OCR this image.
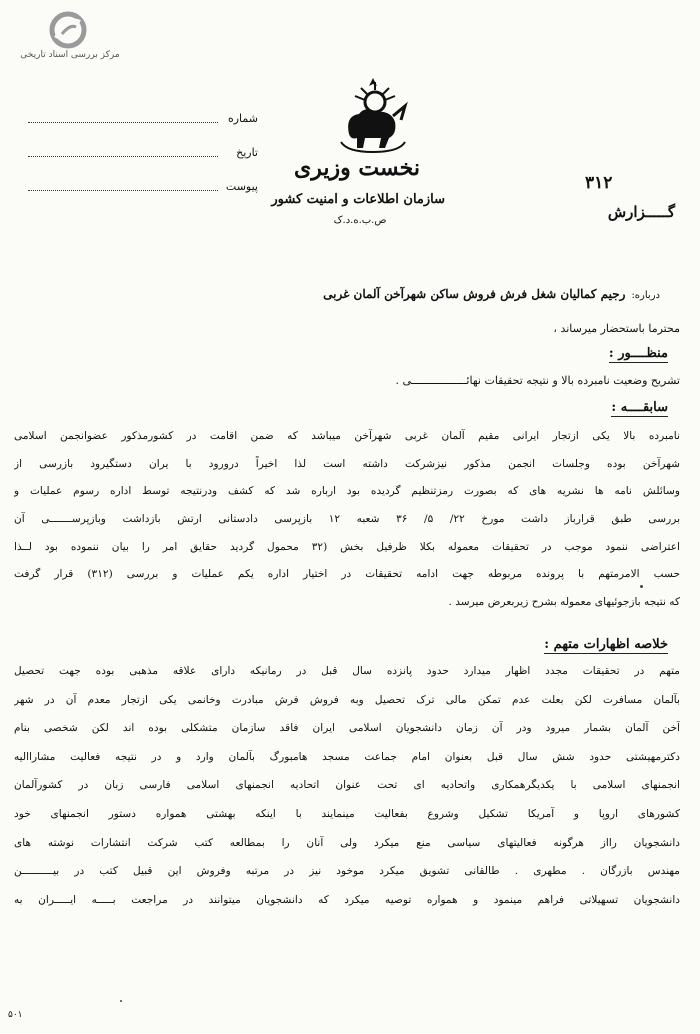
مرکز بررسی اسناد تاریخی
نخست وزیری
سازمان اطلاعات و امنیت کشور
ص.ب.ه.د.ک
شماره
تاریخ
پیوست	۳۱۲
گـــــزارش
درباره:رجیم کمالیان شغل فرش فروش ساکن شهرآخن آلمان غربی
محترما باستحضار میرساند ،
منظــــور :
تشریح وضعیت نامبرده بالا و نتیجه تحقیقات نهائـــــــــــــــــی .
سابقــــه :
نامبرده بالا یکی ازتجار ایرانی مقیم آلمان غربی شهرآخن میباشد که ضمن اقامت در کشورمذکور عضوانجمن اسلامی
شهرآخن بوده وجلسات انجمن مذکور نیزشرکت داشته است لذا اخیراً درورود با یران دستگیرود بازرسی از
وسائلش نامه ها نشریه های که بصورت رمزتنظیم گردیده بود ارباره شد که کشف ودرنتیجه توسط اداره رسوم عملیات و
بررسی طبق قرارباز داشت مورخ ۲۲/ ۵/ ۳۶ شعبه ۱۲ بازپرسی دادستانی ارتش بازداشت وبازپرســـــــی آن
اعتراضی ننمود موجب در تحقیقات معموله بکلا ظرفیل بخش (۳۲ محمول گردید حقایق امر را بیان ننموده بود لــذا
حسب الامرمتهم با پرونده مربوطه جهت ادامه تحقیقات در اختیار اداره یکم عملیات و بررسی (۳۱۲) قرار گرفت
که نتیجه بازجوئیهای معموله بشرح زیربعرض میرسد .
خلاصه اظهارات متهم :
متهم در تحقیقات مجدد اظهار میدارد حدود پانزده سال قبل در رمانیکه دارای علاقه مذهبی بوده جهت تحصیل
بآلمان مسافرت لکن بعلت عدم تمکن مالی ترک تحصیل وبه فروش فرش مبادرت وخانمی یکی ازتجار معدم آن در شهر
آخن آلمان بشمار میرود ودر آن زمان دانشجویان اسلامی ایران فاقد سازمان متشکلی بوده اند لکن شخصی بنام
دکترمهیشتی حدود شش سال قبل بعنوان امام جماعت مسجد هامبورگ بآلمان وارد و در نتیجه فعالیت مشاراالیه
انجمنهای اسلامی با یکدیگرهمکاری واتحادیه ای تحت عنوان اتحادیه انجمنهای اسلامی فارسی زبان در کشورآلمان
کشورهای اروپا و آمریکا تشکیل وشروع بفعالیت مینمایند با اینکه بهشتی همواره دستور انجمنهای خود
دانشجویان رااز هرگونه فعالیتهای سیاسی منع میکرد ولی آنان را بمطالعه کتب شرکت انتشارات نوشته های
مهندس بازرگان . مطهری . طالقانی تشویق میکرد موخود نیز در مرتبه وفروش این قبیل کتب در بیــــــــــن
دانشجویان تسهیلاتی فراهم مینمود و همواره توصیه میکرد که دانشجویان میتوانند در مراجعت بـــــه ایـــــران به
۵۰۱
